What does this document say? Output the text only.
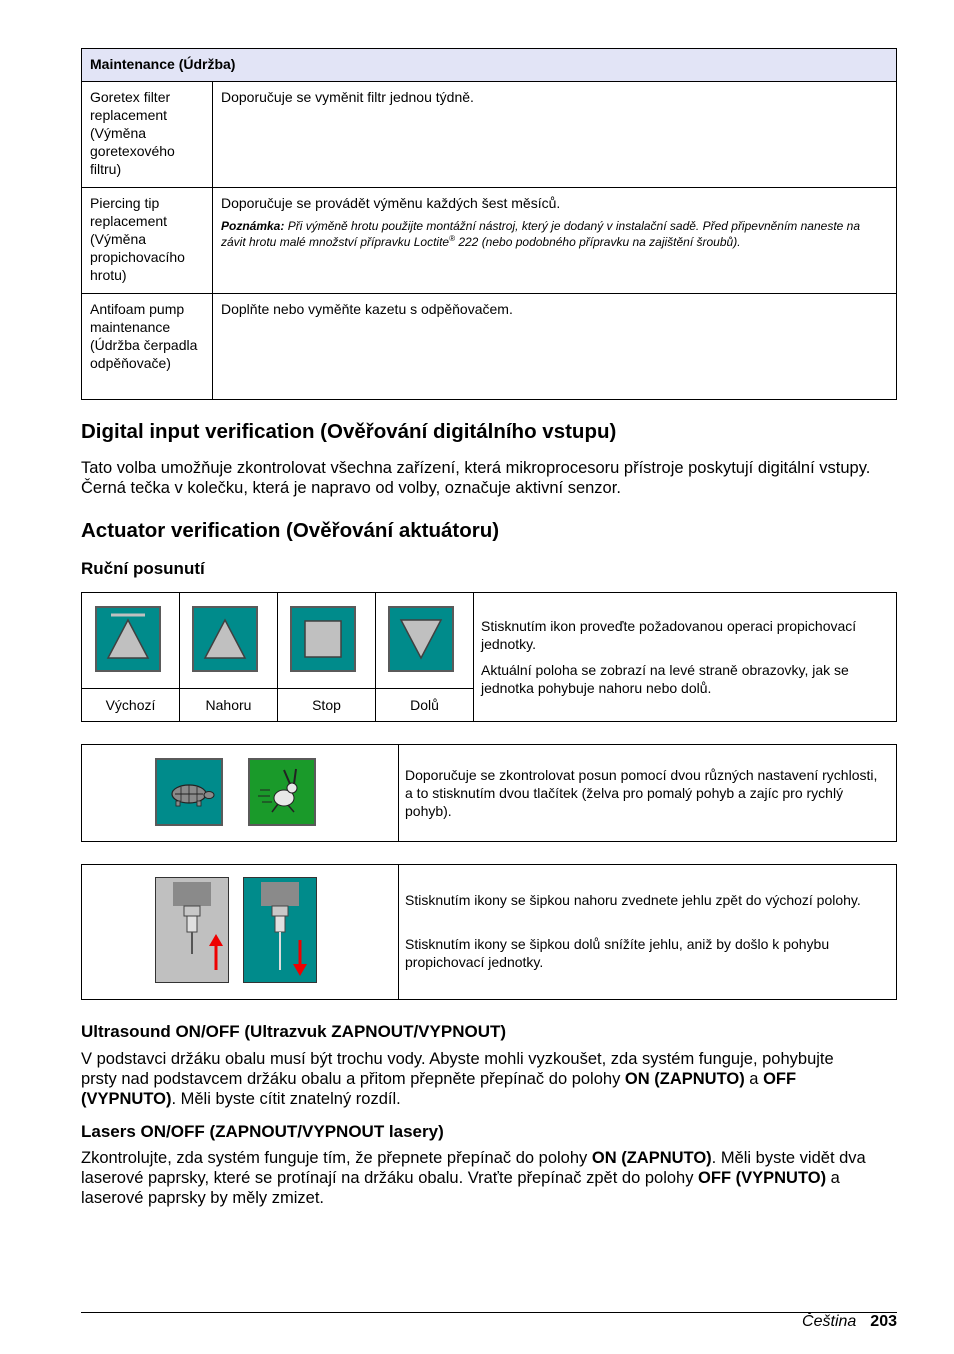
Maintenance (Údržba)	
Goretex filter replacement (Výměna goretexového filtru)	Doporučuje se vyměnit filtr jednou týdně.
Piercing tip replacement (Výměna propichovacího hrotu)	Doporučuje se provádět výměnu každých šest měsíců.
Poznámka: Při výměně hrotu použijte montážní nástroj, který je dodaný v instalační sadě. Před připevněním naneste na závit hrotu malé množství přípravku Loctite® 222 (nebo podobného přípravku na zajištění šroubů).

Antifoam pump maintenance (Údržba čerpadla odpěňovače)	Doplňte nebo vyměňte kazetu s odpěňovačem.
Digital input verification (Ověřování digitálního vstupu)

Tato volba umožňuje zkontrolovat všechna zařízení, která mikroprocesoru přístroje poskytují digitální vstupy. Černá tečka v kolečku, která je napravo od volby, označuje aktivní senzor.

Actuator verification (Ověřování aktuátoru)
Ruční posunutí
Výchozí	Nahoru	Stop	Dolů
Stisknutím ikon proveďte požadovanou operaci propichovací jednotky.
Aktuální poloha se zobrazí na levé straně obrazovky, jak se jednotka pohybuje nahoru nebo dolů.
Doporučuje se zkontrolovat posun pomocí dvou různých nastavení rychlosti, a to stisknutím dvou tlačítek (želva pro pomalý pohyb a zajíc pro rychlý pohyb).
Stisknutím ikony se šipkou nahoru zvednete jehlu zpět do výchozí polohy.
Stisknutím ikony se šipkou dolů snížíte jehlu, aniž by došlo k pohybu propichovací jednotky.
Ultrasound ON/OFF (Ultrazvuk ZAPNOUT/VYPNOUT)

V podstavci držáku obalu musí být trochu vody. Abyste mohli vyzkoušet, zda systém funguje, pohybujte prsty nad podstavcem držáku obalu a přitom přepněte přepínač do polohy ON (ZAPNUTO) a OFF (VYPNUTO). Měli byste cítit znatelný rozdíl.

Lasers ON/OFF (ZAPNOUT/VYPNOUT lasery)

Zkontrolujte, zda systém funguje tím, že přepnete přepínač do polohy ON (ZAPNUTO). Měli byste vidět dva laserové paprsky, které se protínají na držáku obalu. Vraťte přepínač zpět do polohy OFF (VYPNUTO) a laserové paprsky by měly zmizet.

Čeština 203
